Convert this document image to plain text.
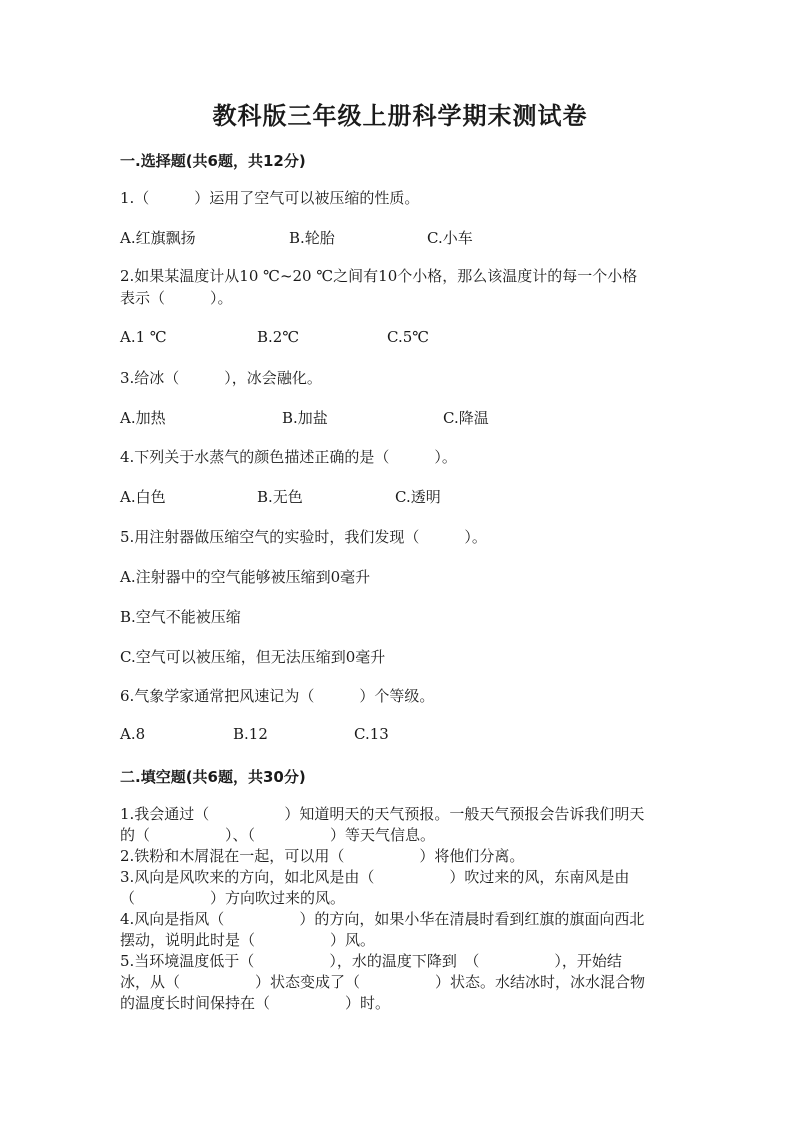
教科版三年级上册科学期末测试卷
一.选择题(共6题，共12分)
1.（　　　）运用了空气可以被压缩的性质。
A.红旗飘扬	B.轮胎	C.小车
2.如果某温度计从10 ℃~20 ℃之间有10个小格，那么该温度计的每一个小格
表示（　　　）。
A.1 ℃	B.2℃	C.5℃
3.给冰（　　　），冰会融化。
A.加热	B.加盐	C.降温
4.下列关于水蒸气的颜色描述正确的是（　　　）。
A.白色	B.无色	C.透明
5.用注射器做压缩空气的实验时，我们发现（　　　）。
A.注射器中的空气能够被压缩到0毫升
B.空气不能被压缩
C.空气可以被压缩，但无法压缩到0毫升
6.气象学家通常把风速记为（　　　）个等级。
A.8	B.12	C.13
二.填空题(共6题，共30分)
1.我会通过（　　　　　）知道明天的天气预报。一般天气预报会告诉我们明天
的（　　　　　）、（　　　　　）等天气信息。
2.铁粉和木屑混在一起，可以用（　　　　　）将他们分离。
3.风向是风吹来的方向，如北风是由（　　　　　）吹过来的风，东南风是由
（　　　　　）方向吹过来的风。
4.风向是指风（　　　　　）的方向，如果小华在清晨时看到红旗的旗面向西北
摆动，说明此时是（　　　　　）风。
5.当环境温度低于（　　　　　），水的温度下降到　（　　　　　），开始结
冰，从（　　　　　）状态变成了（　　　　　）状态。水结冰时，冰水混合物
的温度长时间保持在（　　　　　）时。
